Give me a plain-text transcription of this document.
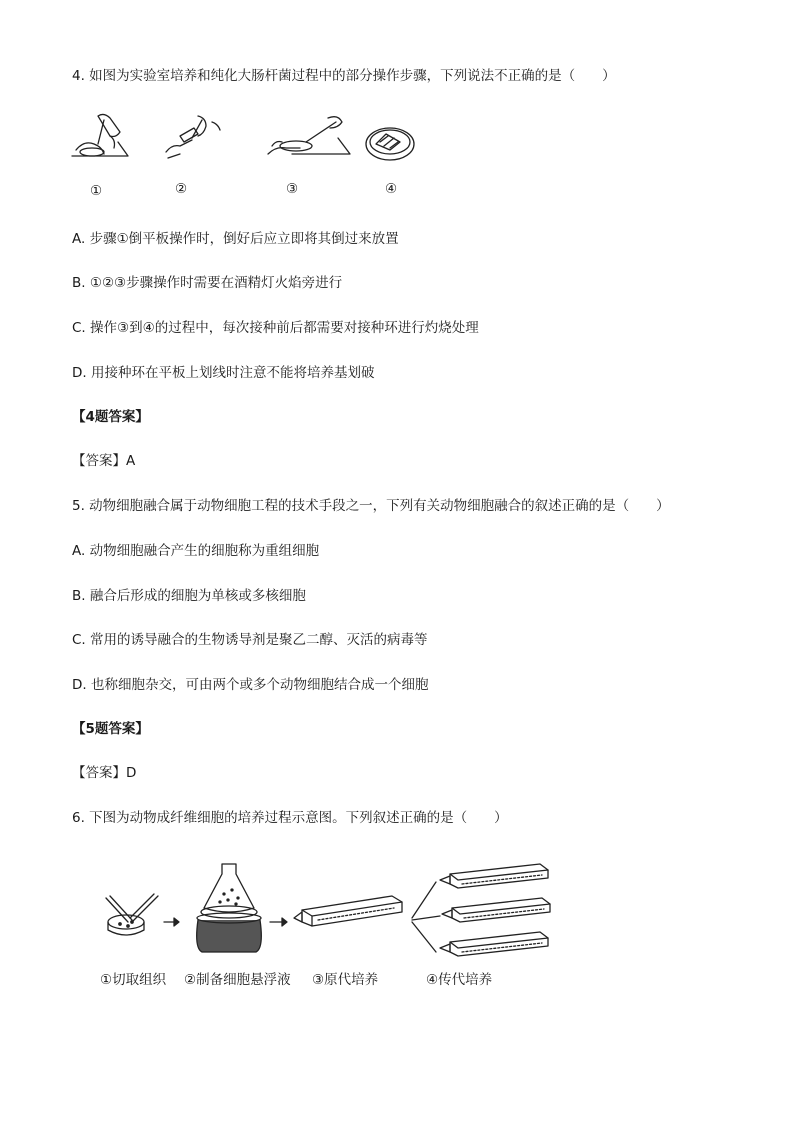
4. 如图为实验室培养和纯化大肠杆菌过程中的部分操作步骤，下列说法不正确的是（　　）
①	②	③	④
A. 步骤①倒平板操作时，倒好后应立即将其倒过来放置
B. ①②③步骤操作时需要在酒精灯火焰旁进行
C. 操作③到④的过程中，每次接种前后都需要对接种环进行灼烧处理
D. 用接种环在平板上划线时注意不能将培养基划破
【4题答案】
【答案】A
5. 动物细胞融合属于动物细胞工程的技术手段之一，下列有关动物细胞融合的叙述正确的是（　　）
A. 动物细胞融合产生的细胞称为重组细胞
B. 融合后形成的细胞为单核或多核细胞
C. 常用的诱导融合的生物诱导剂是聚乙二醇、灭活的病毒等
D. 也称细胞杂交，可由两个或多个动物细胞结合成一个细胞
【5题答案】
【答案】D
6. 下图为动物成纤维细胞的培养过程示意图。下列叙述正确的是（　　）
①切取组织 ②制备细胞悬浮液 ③原代培养	④传代培养
